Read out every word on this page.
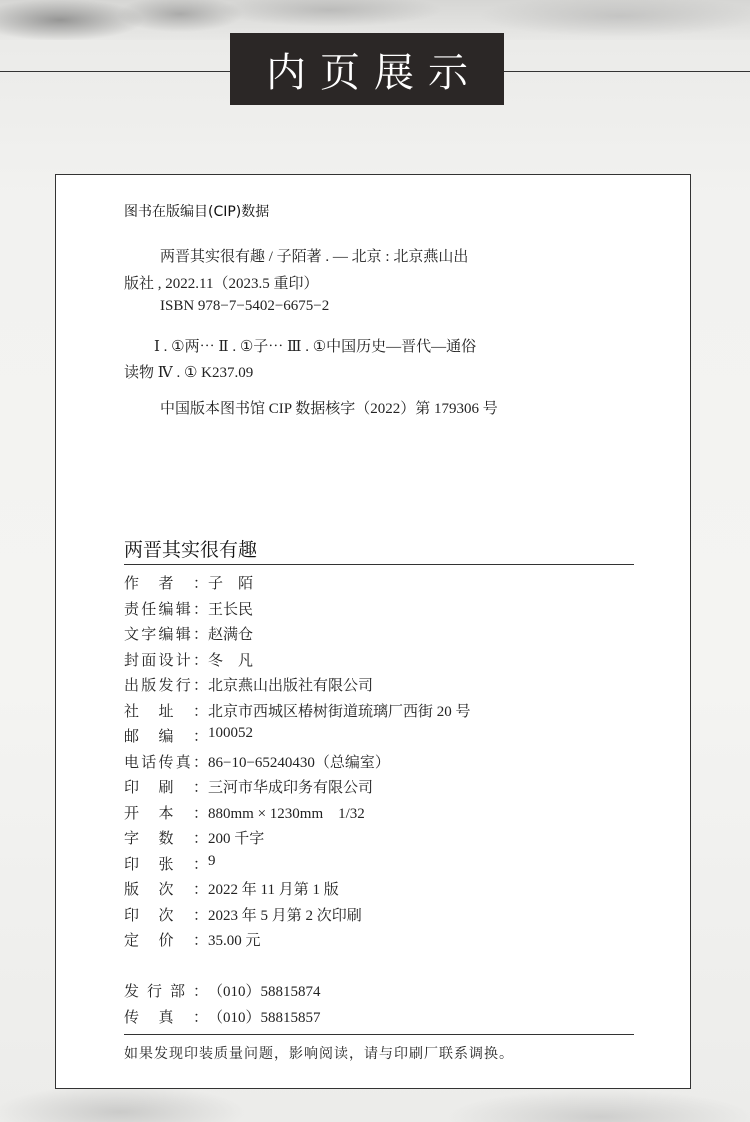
内页展示
图书在版编目(CIP)数据
两晋其实很有趣 / 子陌著 . — 北京 : 北京燕山出
版社 , 2022.11（2023.5 重印）
ISBN 978−7−5402−6675−2
Ⅰ . ①两⋯ Ⅱ . ①子⋯ Ⅲ . ①中国历史—晋代—通俗
读物 Ⅳ . ① K237.09
中国版本图书馆 CIP 数据核字（2022）第 179306 号
两晋其实很有趣
作者： 子　陌
责任编辑： 王长民
文字编辑： 赵满仓
封面设计： 冬　凡
出版发行： 北京燕山出版社有限公司
社址： 北京市西城区椿树街道琉璃厂西街 20 号
邮编： 100052
电话传真： 86−10−65240430（总编室）
印刷： 三河市华成印务有限公司
开本： 880mm × 1230mm　1/32
字数： 200 千字
印张： 9
版次： 2022 年 11 月第 1 版
印次： 2023 年 5 月第 2 次印刷
定价： 35.00 元
发行部： （010）58815874
传真： （010）58815857
如果发现印装质量问题，影响阅读，请与印刷厂联系调换。
